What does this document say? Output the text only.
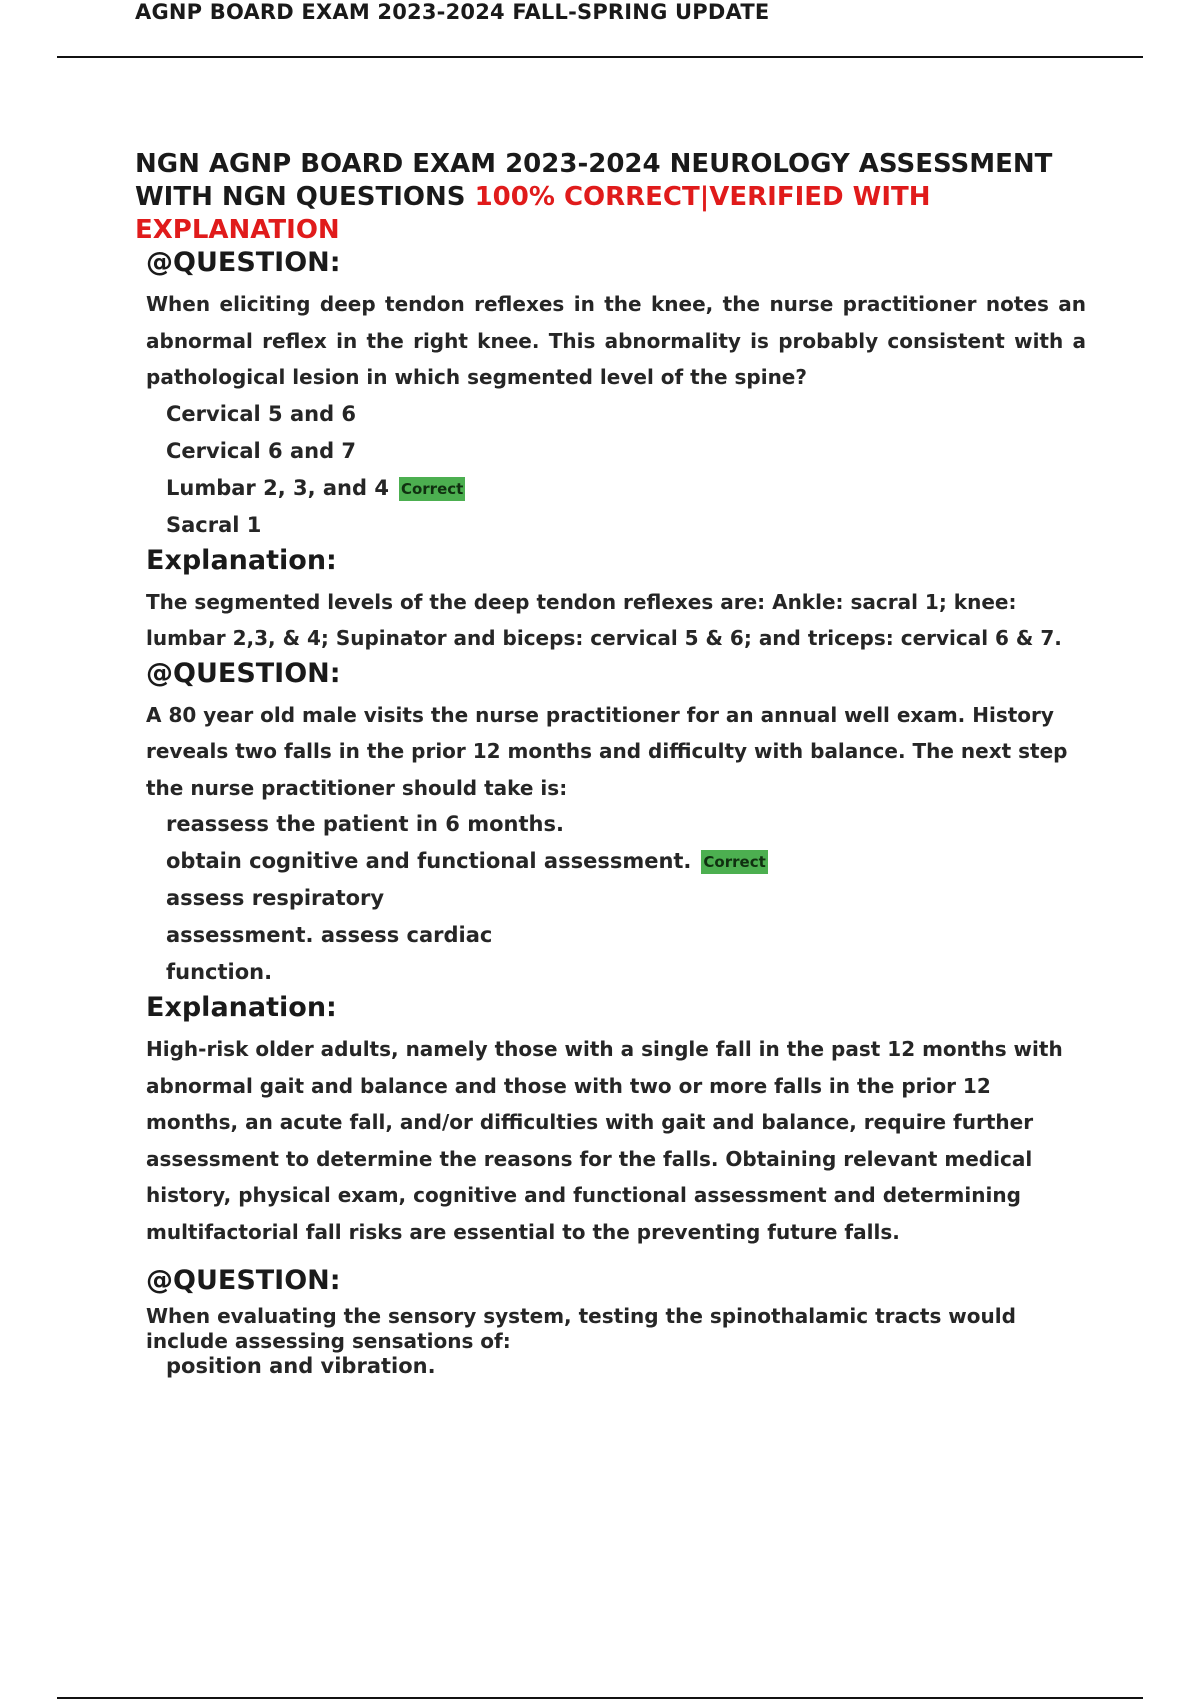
AGNP BOARD EXAM 2023-2024 FALL-SPRING UPDATE
NGN AGNP BOARD EXAM 2023-2024 NEUROLOGY ASSESSMENT WITH NGN QUESTIONS 100% CORRECT|VERIFIED WITH EXPLANATION

@QUESTION:

When eliciting deep tendon reflexes in the knee, the nurse practitioner notes an abnormal reflex in the right knee. This abnormality is probably consistent with a pathological lesion in which segmented level of the spine?

Cervical 5 and 6
Cervical 6 and 7
Lumbar 2, 3, and 4 Correct
Sacral 1

Explanation:

The segmented levels of the deep tendon reflexes are: Ankle: sacral 1; knee: lumbar 2,3, & 4; Supinator and biceps: cervical 5 & 6; and triceps: cervical 6 & 7.

@QUESTION:

A 80 year old male visits the nurse practitioner for an annual well exam. History reveals two falls in the prior 12 months and difficulty with balance. The next step the nurse practitioner should take is:

reassess the patient in 6 months.
obtain cognitive and functional assessment. Correct
assess respiratory
assessment. assess cardiac
function.

Explanation:

High-risk older adults, namely those with a single fall in the past 12 months with abnormal gait and balance and those with two or more falls in the prior 12 months, an acute fall, and/or difficulties with gait and balance, require further assessment to determine the reasons for the falls. Obtaining relevant medical history, physical exam, cognitive and functional assessment and determining multifactorial fall risks are essential to the preventing future falls.

@QUESTION:

When evaluating the sensory system, testing the spinothalamic tracts would include assessing sensations of:

position and vibration.
